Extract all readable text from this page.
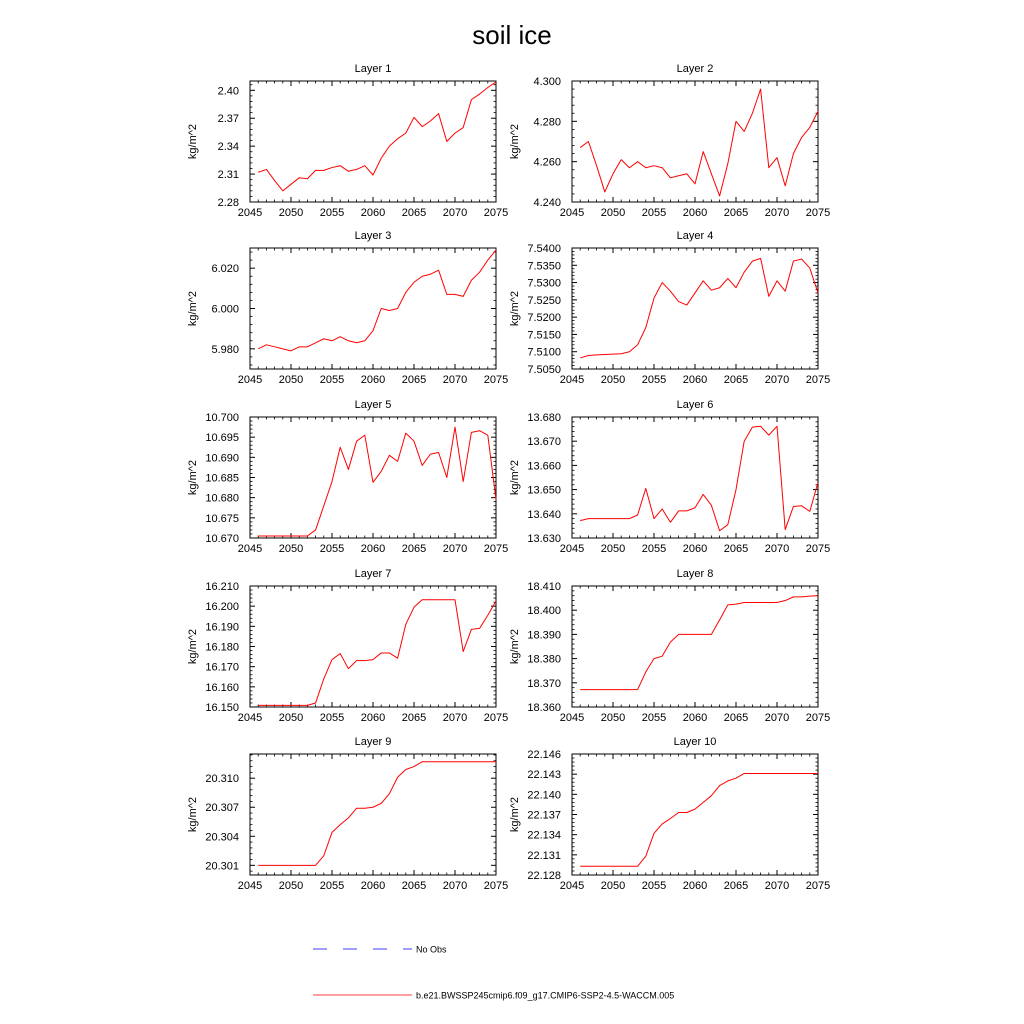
soil ice
Layer 1
2045 2050 2055 2060 2065 2070 2075
2.28
2.31
2.34
2.37
2.40
kg/m^2
Layer 2
2045 2050 2055 2060 2065 2070 2075
4.240
4.260
4.280
4.300
kg/m^2
Layer 3
2045 2050 2055 2060 2065 2070 2075
5.980
6.000
6.020
kg/m^2
Layer 4
2045 2050 2055 2060 2065 2070 2075
7.5050
7.5100
7.5150
7.5200
7.5250
7.5300
7.5350
7.5400
kg/m^2
Layer 5
2045 2050 2055 2060 2065 2070 2075
10.670
10.675
10.680
10.685
10.690
10.695
10.700
kg/m^2
Layer 6
2045 2050 2055 2060 2065 2070 2075
13.630
13.640
13.650
13.660
13.670
13.680
kg/m^2
Layer 7
2045 2050 2055 2060 2065 2070 2075
16.150
16.160
16.170
16.180
16.190
16.200
16.210
kg/m^2
Layer 8
2045 2050 2055 2060 2065 2070 2075
18.360
18.370
18.380
18.390
18.400
18.410
kg/m^2
Layer 9
2045 2050 2055 2060 2065 2070 2075
20.301
20.304
20.307
20.310
kg/m^2
Layer 10
2045 2050 2055 2060 2065 2070 2075
22.128
22.131
22.134
22.137
22.140
22.143
22.146
kg/m^2
No Obs
b.e21.BWSSP245cmip6.f09_g17.CMIP6-SSP2-4.5-WACCM.005
